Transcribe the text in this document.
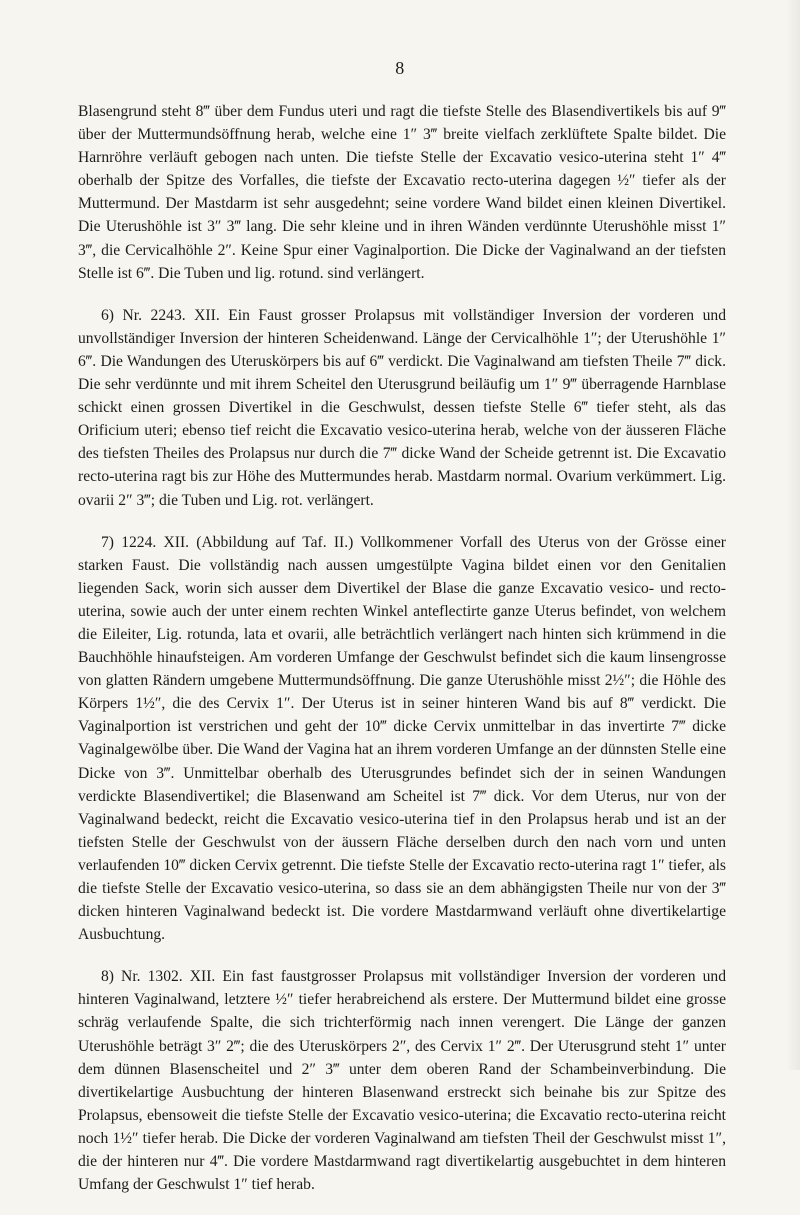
8

Blasengrund steht 8‴ über dem Fundus uteri und ragt die tiefste Stelle des Blasendivertikels bis auf 9‴ über der Muttermundsöffnung herab, welche eine 1″ 3‴ breite vielfach zerklüftete Spalte bildet. Die Harnröhre verläuft gebogen nach unten. Die tiefste Stelle der Excavatio vesico-uterina steht 1″ 4‴ oberhalb der Spitze des Vorfalles, die tiefste der Excavatio recto-uterina dagegen ½″ tiefer als der Muttermund. Der Mastdarm ist sehr ausgedehnt; seine vordere Wand bildet einen kleinen Divertikel. Die Uterushöhle ist 3″ 3‴ lang. Die sehr kleine und in ihren Wänden verdünnte Uterushöhle misst 1″ 3‴, die Cervicalhöhle 2″. Keine Spur einer Vaginalportion. Die Dicke der Vaginalwand an der tiefsten Stelle ist 6‴. Die Tuben und lig. rotund. sind verlängert.

6) Nr. 2243. XII. Ein Faust grosser Prolapsus mit vollständiger Inversion der vorderen und unvollständiger Inversion der hinteren Scheidenwand. Länge der Cervicalhöhle 1″; der Uterushöhle 1″ 6‴. Die Wandungen des Uteruskörpers bis auf 6‴ verdickt. Die Vaginalwand am tiefsten Theile 7‴ dick. Die sehr verdünnte und mit ihrem Scheitel den Uterusgrund beiläufig um 1″ 9‴ überragende Harnblase schickt einen grossen Divertikel in die Geschwulst, dessen tiefste Stelle 6‴ tiefer steht, als das Orificium uteri; ebenso tief reicht die Excavatio vesico-uterina herab, welche von der äusseren Fläche des tiefsten Theiles des Prolapsus nur durch die 7‴ dicke Wand der Scheide getrennt ist. Die Excavatio recto-uterina ragt bis zur Höhe des Muttermundes herab. Mastdarm normal. Ovarium verkümmert. Lig. ovarii 2″ 3‴; die Tuben und Lig. rot. verlängert.

7) 1224. XII. (Abbildung auf Taf. II.) Vollkommener Vorfall des Uterus von der Grösse einer starken Faust. Die vollständig nach aussen umgestülpte Vagina bildet einen vor den Genitalien liegenden Sack, worin sich ausser dem Divertikel der Blase die ganze Excavatio vesico- und recto-uterina, sowie auch der unter einem rechten Winkel anteflectirte ganze Uterus befindet, von welchem die Eileiter, Lig. rotunda, lata et ovarii, alle beträchtlich verlängert nach hinten sich krümmend in die Bauchhöhle hinaufsteigen. Am vorderen Umfange der Geschwulst befindet sich die kaum linsengrosse von glatten Rändern umgebene Muttermundsöffnung. Die ganze Uterushöhle misst 2½″; die Höhle des Körpers 1½″, die des Cervix 1″. Der Uterus ist in seiner hinteren Wand bis auf 8‴ verdickt. Die Vaginalportion ist verstrichen und geht der 10‴ dicke Cervix unmittelbar in das invertirte 7‴ dicke Vaginalgewölbe über. Die Wand der Vagina hat an ihrem vorderen Umfange an der dünnsten Stelle eine Dicke von 3‴. Unmittelbar oberhalb des Uterusgrundes befindet sich der in seinen Wandungen verdickte Blasendivertikel; die Blasenwand am Scheitel ist 7‴ dick. Vor dem Uterus, nur von der Vaginalwand bedeckt, reicht die Excavatio vesico-uterina tief in den Prolapsus herab und ist an der tiefsten Stelle der Geschwulst von der äussern Fläche derselben durch den nach vorn und unten verlaufenden 10‴ dicken Cervix getrennt. Die tiefste Stelle der Excavatio recto-uterina ragt 1″ tiefer, als die tiefste Stelle der Excavatio vesico-uterina, so dass sie an dem abhängigsten Theile nur von der 3‴ dicken hinteren Vaginalwand bedeckt ist. Die vordere Mastdarmwand verläuft ohne divertikelartige Ausbuchtung.

8) Nr. 1302. XII. Ein fast faustgrosser Prolapsus mit vollständiger Inversion der vorderen und hinteren Vaginalwand, letztere ½″ tiefer herabreichend als erstere. Der Muttermund bildet eine grosse schräg verlaufende Spalte, die sich trichterförmig nach innen verengert. Die Länge der ganzen Uterushöhle beträgt 3″ 2‴; die des Uteruskörpers 2″, des Cervix 1″ 2‴. Der Uterusgrund steht 1″ unter dem dünnen Blasenscheitel und 2″ 3‴ unter dem oberen Rand der Schambeinverbindung. Die divertikelartige Ausbuchtung der hinteren Blasenwand erstreckt sich beinahe bis zur Spitze des Prolapsus, ebensoweit die tiefste Stelle der Excavatio vesico-uterina; die Excavatio recto-uterina reicht noch 1½″ tiefer herab. Die Dicke der vorderen Vaginalwand am tiefsten Theil der Geschwulst misst 1″, die der hinteren nur 4‴. Die vordere Mastdarmwand ragt divertikelartig ausgebuchtet in dem hinteren Umfang der Geschwulst 1″ tief herab.
